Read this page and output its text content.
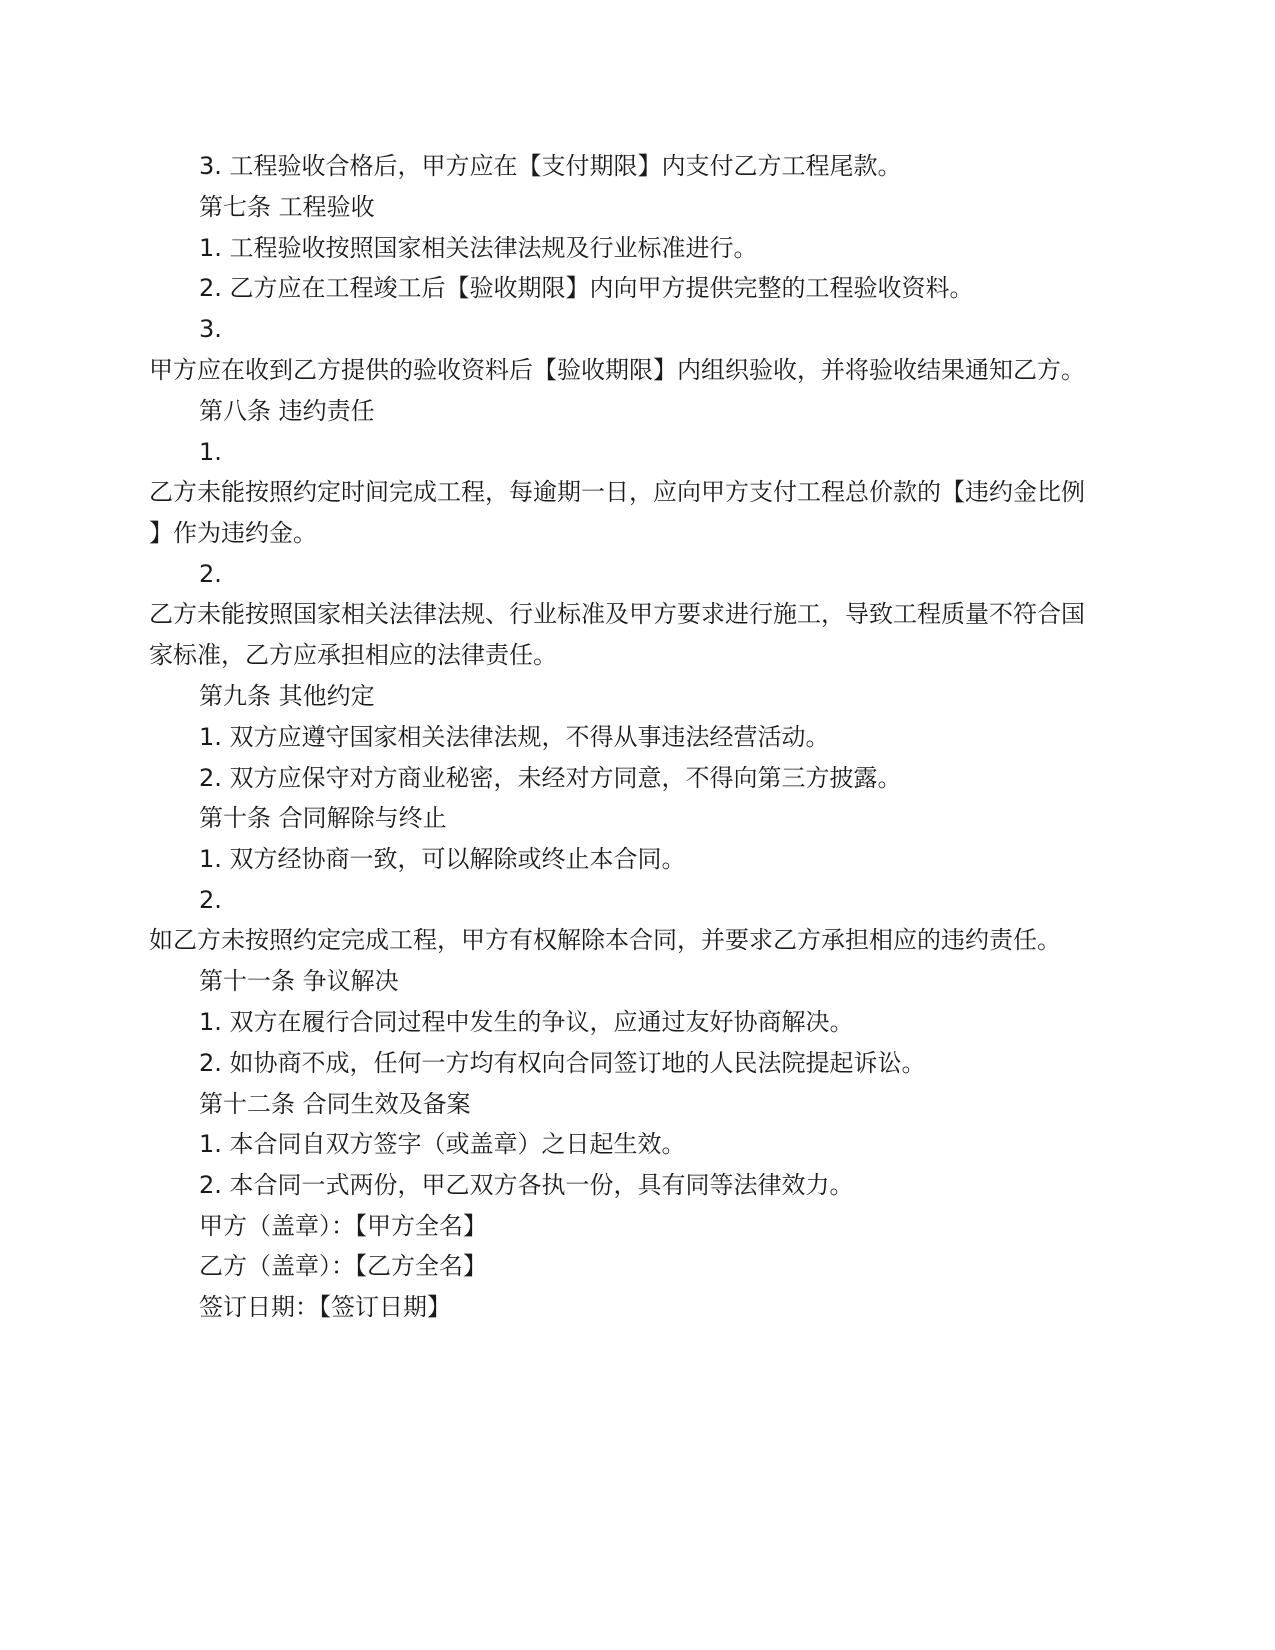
3. 工程验收合格后，甲方应在【支付期限】内支付乙方工程尾款。
第七条 工程验收
1. 工程验收按照国家相关法律法规及行业标准进行。
2. 乙方应在工程竣工后【验收期限】内向甲方提供完整的工程验收资料。
3.
甲方应在收到乙方提供的验收资料后【验收期限】内组织验收，并将验收结果通知乙方。
第八条 违约责任
1.
乙方未能按照约定时间完成工程，每逾期一日，应向甲方支付工程总价款的【违约金比例
】作为违约金。
2.
乙方未能按照国家相关法律法规、行业标准及甲方要求进行施工，导致工程质量不符合国
家标准，乙方应承担相应的法律责任。
第九条 其他约定
1. 双方应遵守国家相关法律法规，不得从事违法经营活动。
2. 双方应保守对方商业秘密，未经对方同意，不得向第三方披露。
第十条 合同解除与终止
1. 双方经协商一致，可以解除或终止本合同。
2.
如乙方未按照约定完成工程，甲方有权解除本合同，并要求乙方承担相应的违约责任。
第十一条 争议解决
1. 双方在履行合同过程中发生的争议，应通过友好协商解决。
2. 如协商不成，任何一方均有权向合同签订地的人民法院提起诉讼。
第十二条 合同生效及备案
1. 本合同自双方签字（或盖章）之日起生效。
2. 本合同一式两份，甲乙双方各执一份，具有同等法律效力。
甲方（盖章）：【甲方全名】
乙方（盖章）：【乙方全名】
签订日期：【签订日期】
